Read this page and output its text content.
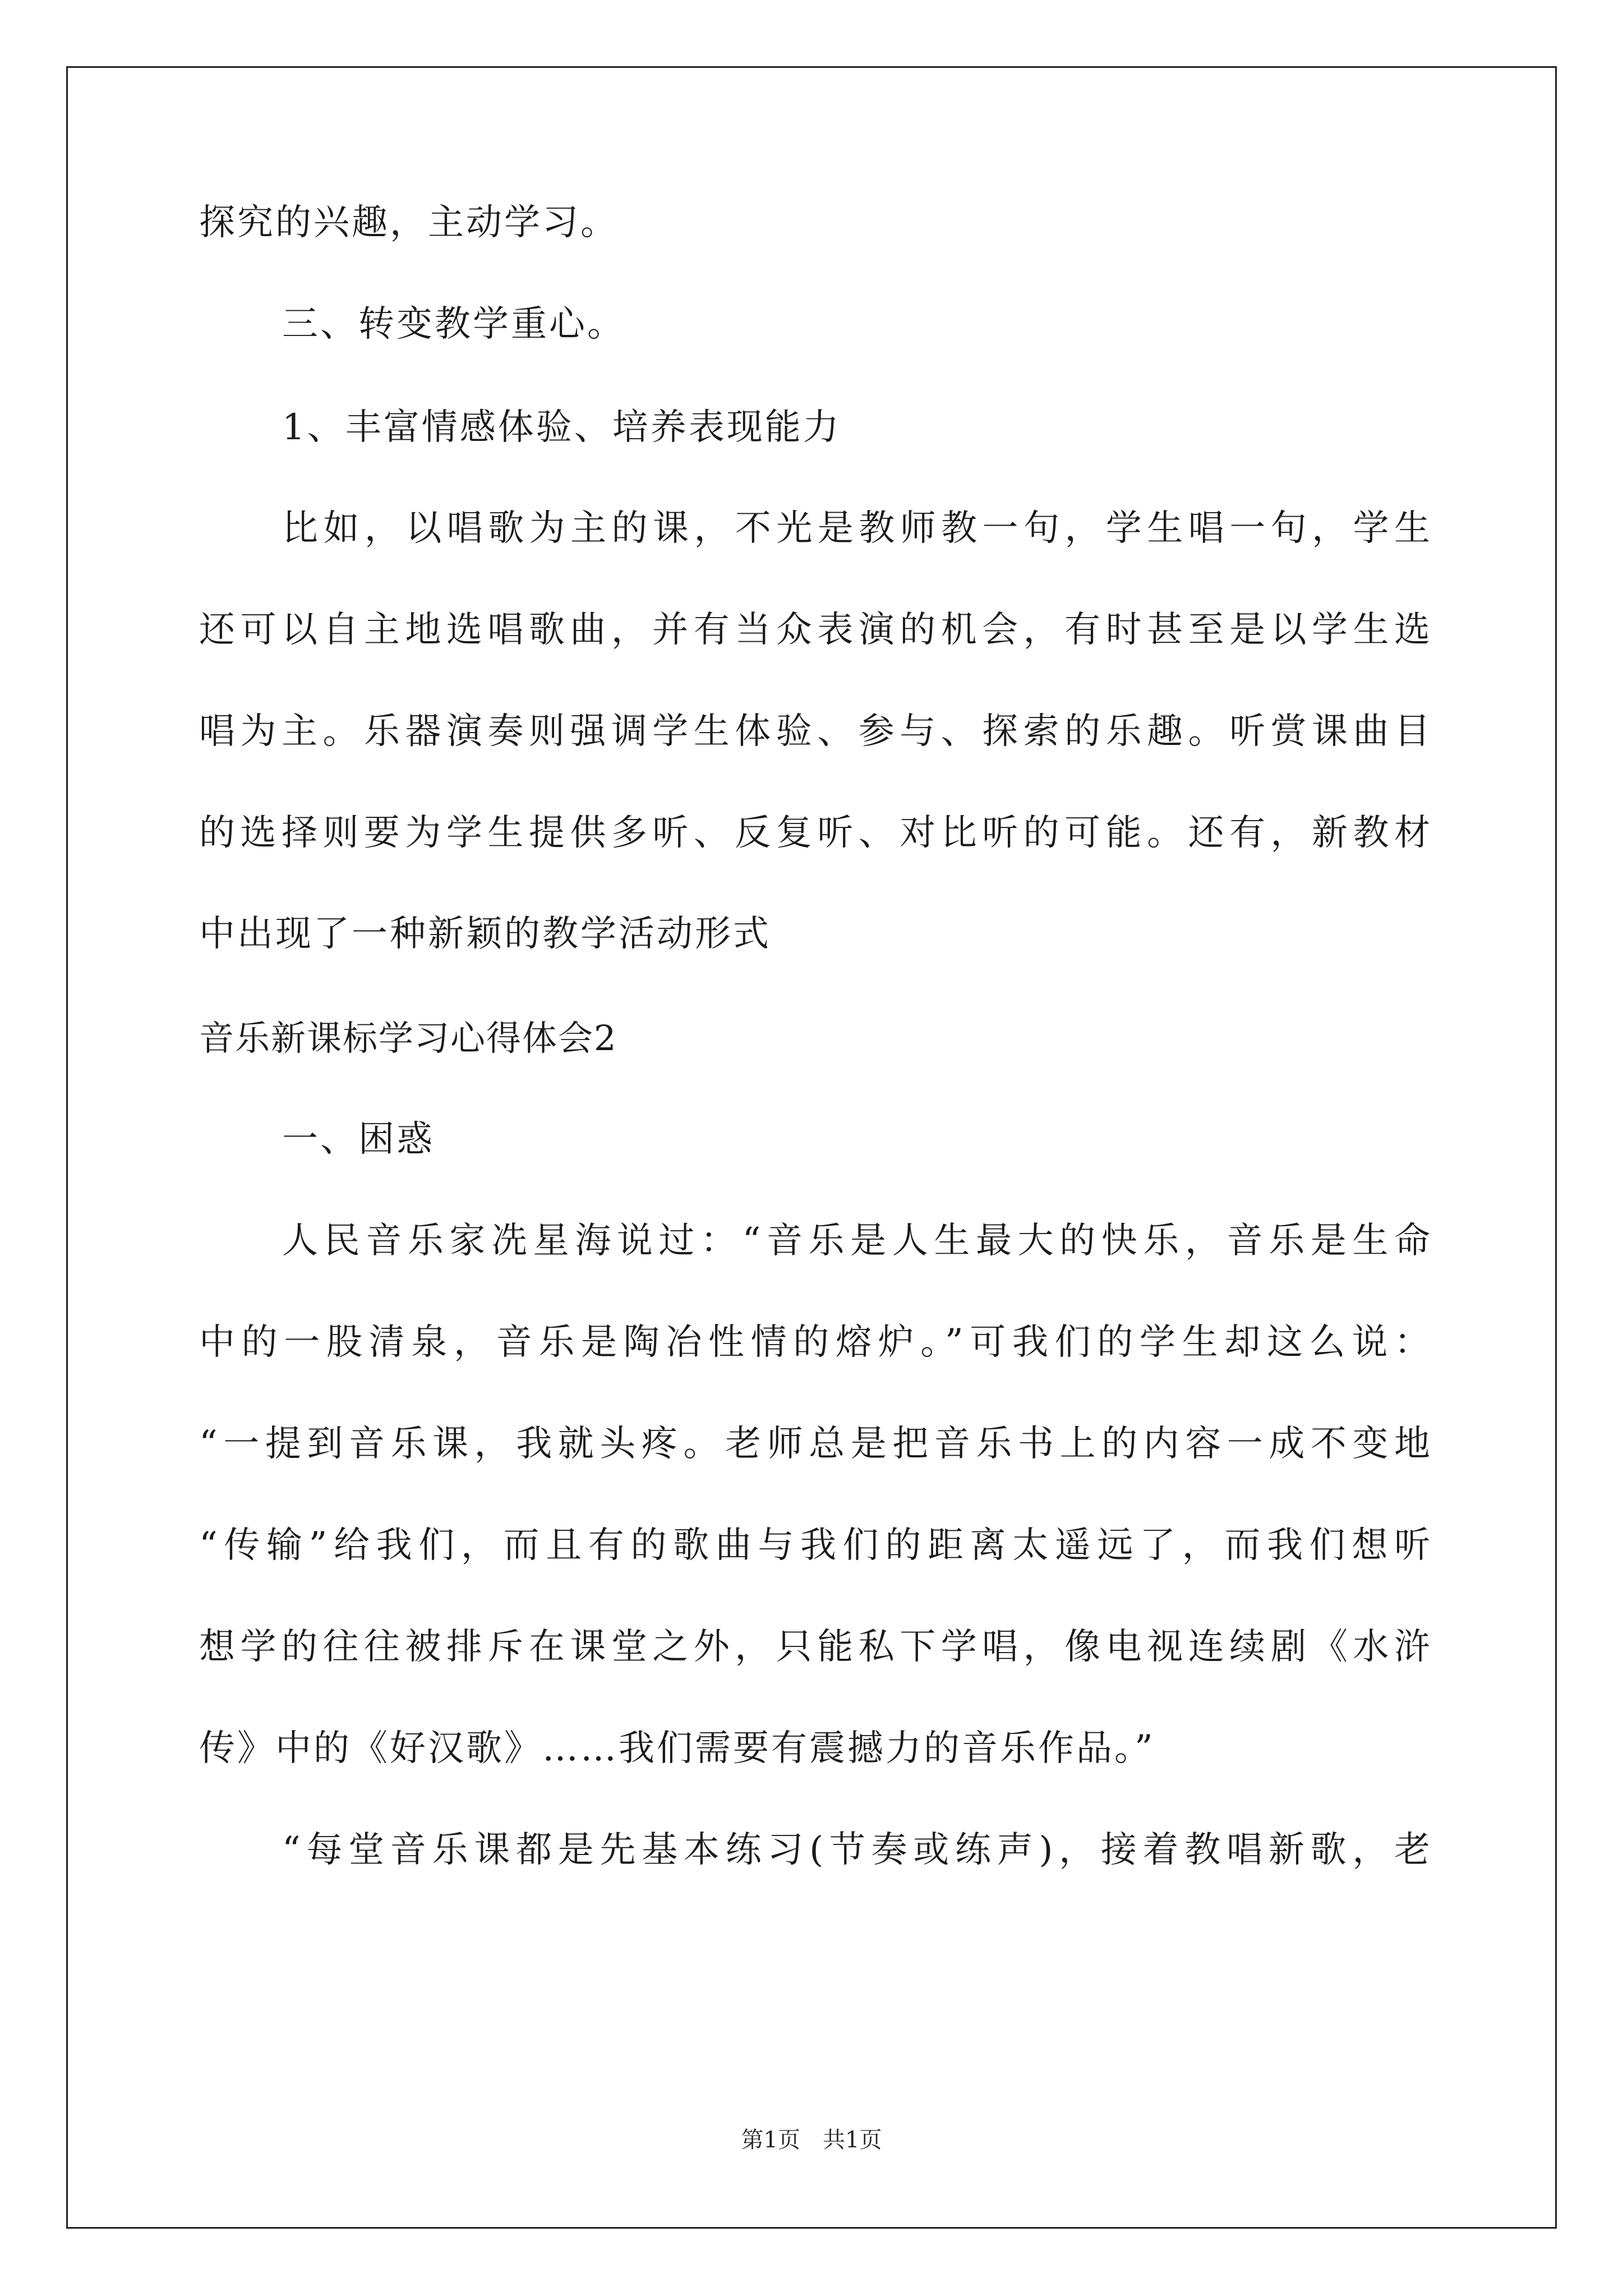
探究的兴趣，主动学习。
三、转变教学重心。
1、丰富情感体验、培养表现能力
比如，以唱歌为主的课，不光是教师教一句，学生唱一句，学生
还可以自主地选唱歌曲，并有当众表演的机会，有时甚至是以学生选
唱为主。乐器演奏则强调学生体验、参与、探索的乐趣。听赏课曲目
的选择则要为学生提供多听、反复听、对比听的可能。还有，新教材
中出现了一种新颖的教学活动形式
音乐新课标学习心得体会2
一、困惑
人民音乐家冼星海说过：“音乐是人生最大的快乐，音乐是生命
中的一股清泉，音乐是陶冶性情的熔炉。”可我们的学生却这么说：
“一提到音乐课，我就头疼。老师总是把音乐书上的内容一成不变地
“传输”给我们，而且有的歌曲与我们的距离太遥远了，而我们想听
想学的往往被排斥在课堂之外，只能私下学唱，像电视连续剧《水浒
传》中的《好汉歌》……我们需要有震撼力的音乐作品。”
“每堂音乐课都是先基本练习(节奏或练声)，接着教唱新歌，老
第1页　共1页
